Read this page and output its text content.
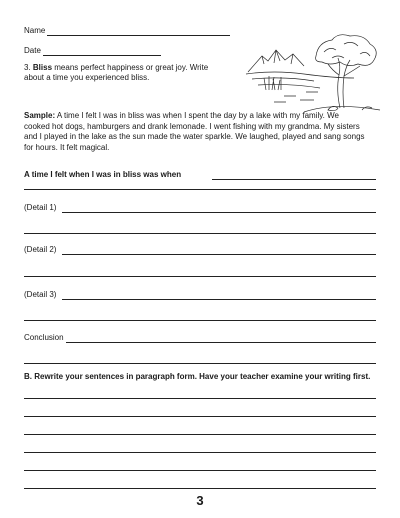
Name
Date
3. Bliss means perfect happiness or great joy. Write
about a time you experienced bliss.
Sample: A time I felt I was in bliss was when I spent the day by a lake with my family. We
cooked hot dogs, hamburgers and drank lemonade. I went fishing with my grandma. My sisters
and I played in the lake as the sun made the water sparkle. We laughed, played and sang songs
for hours. It felt magical.
A time I felt when I was in bliss was when
(Detail 1)
(Detail 2)
(Detail 3)
Conclusion
B. Rewrite your sentences in paragraph form. Have your teacher examine your writing first.
3
